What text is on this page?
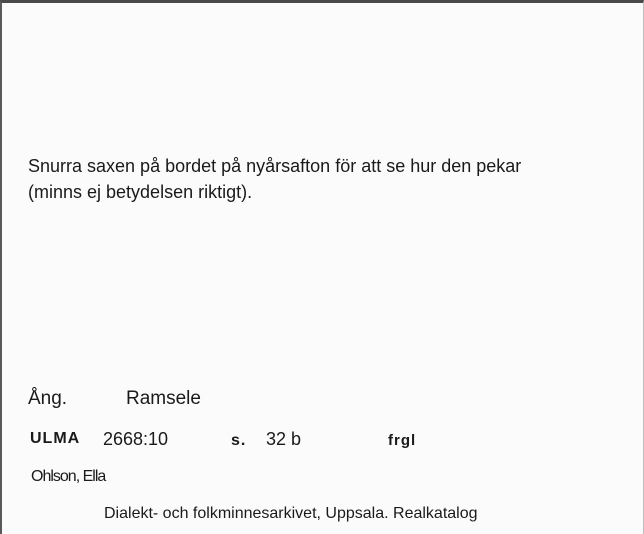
Snurra saxen på bordet på nyårsafton för att se hur den pekar
(minns ej betydelsen riktigt).
Ång.	Ramsele
ULMA 2668:10	s. 32 b	frgl
Ohlson, Ella
Dialekt- och folkminnesarkivet, Uppsala. Realkatalog
